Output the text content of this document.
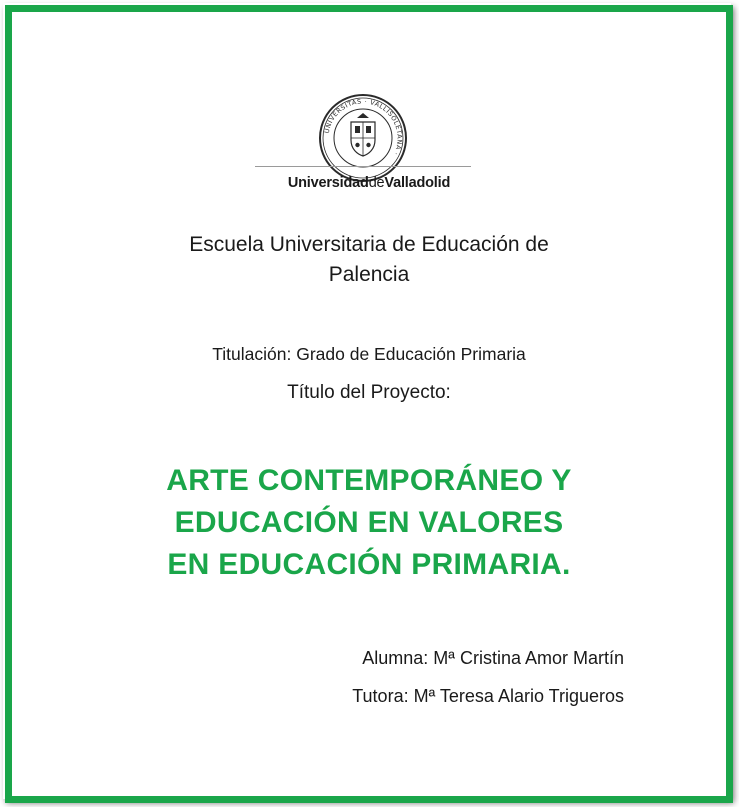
UNIVERSITAS · VALLISOLETANA ·
UniversidaddeValladolid
Escuela Universitaria de Educación de
Palencia
Titulación: Grado de Educación Primaria
Título del Proyecto:
ARTE CONTEMPORÁNEO Y
EDUCACIÓN EN VALORES
EN EDUCACIÓN PRIMARIA.
Alumna: Mª Cristina Amor Martín
Tutora: Mª Teresa Alario Trigueros
